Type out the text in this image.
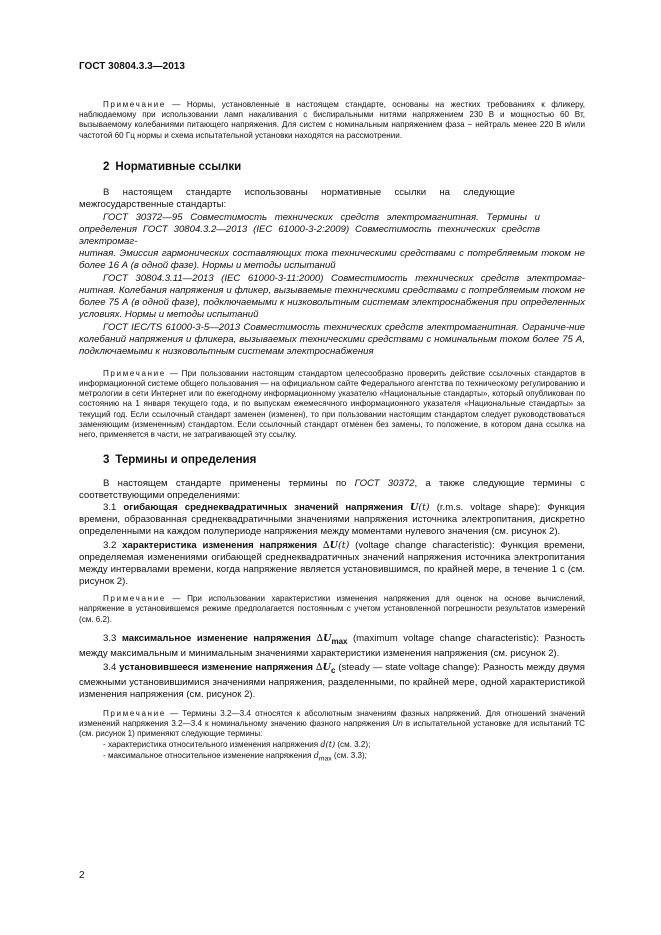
ГОСТ 30804.3.3—2013

Примечание — Нормы, установленные в настоящем стандарте, основаны на жестких требованиях к фликеру, наблюдаемому при использовании ламп накаливания с биспиральными нитями напряжением 230 В и мощностью 60 Вт, вызываемому колебаниями питающего напряжения. Для систем с номинальным напряжением фаза − нейтраль менее 220 В и/или частотой 60 Гц нормы и схема испытательной установки находятся на рассмотрении.

2 Нормативные ссылки

В настоящем стандарте использованы нормативные ссылки на следующие межгосударственные стандарты:

ГОСТ 30372—95 Совместимость технических средств электромагнитная. Термины и определения ГОСТ 30804.3.2—2013 (IEC 61000-3-2:2009) Совместимость технических средств электромаг-

нитная. Эмиссия гармонических составляющих тока техническими средствами с потребляемым током не более 16 А (в одной фазе). Нормы и методы испытаний

ГОСТ 30804.3.11—2013 (IEC 61000-3-11:2000) Совместимость технических средств электромаг-нитная. Колебания напряжения и фликер, вызываемые техническими средствами с потребляемым током не более 75 А (в одной фазе), подключаемыми к низковольтным системам электроснабжения при определенных условиях. Нормы и методы испытаний

ГОСТ IEC/TS 61000-3-5—2013 Совместимость технических средств электромагнитная. Ограниче-ние колебаний напряжения и фликера, вызываемых техническими средствами с номинальным током более 75 А, подключаемыми к низковольтным системам электроснабжения

Примечание — При пользовании настоящим стандартом целесообразно проверить действие ссылочных стандартов в информационной системе общего пользования — на официальном сайте Федерального агентства по техническому регулированию и метрологии в сети Интернет или по ежегодному информационному указателю «Национальные стандарты», который опубликован по состоянию на 1 января текущего года, и по выпускам ежемесячного информационного указателя «Национальные стандарты» за текущий год. Если ссылочный стандарт заменен (изменен), то при пользовании настоящим стандартом следует руководствоваться заменяющим (измененным) стандартом. Если ссылочный стандарт отменен без замены, то положение, в котором дана ссылка на него, применяется в части, не затрагивающей эту ссылку.

3 Термины и определения

В настоящем стандарте применены термины по ГОСТ 30372, а также следующие термины с соответствующими определениями:

3.1 огибающая среднеквадратичных значений напряжения U(t) (r.m.s. voltage shape): Функция времени, образованная среднеквадратичными значениями напряжения источника электропитания, дискретно определенными на каждом полупериоде напряжения между моментами нулевого значения (см. рисунок 2).

3.2 характеристика изменения напряжения ∆U(t) (voltage change characteristic): Функция времени, определяемая изменениями огибающей среднеквадратичных значений напряжения источника электропитания между интервалами времени, когда напряжение является установившимся, по крайней мере, в течение 1 с (см. рисунок 2).

Примечание — При использовании характеристики изменения напряжения для оценок на основе вычислений, напряжение в установившемся режиме предполагается постоянным с учетом установленной погрешности результатов измерений (см. 6.2).

3.3 максимальное изменение напряжения $\Delta U_{max}$ (maximum voltage change characteristic): Разность между максимальным и минимальным значениями характеристики изменения напряжения (см. рисунок 2).

3.4 установившееся изменение напряжения $\Delta U_c$ (steady — state voltage change): Разность между двумя смежными установившимися значениями напряжения, разделенными, по крайней мере, одной характеристикой изменения напряжения (см. рисунок 2).

Примечание — Термины 3.2—3.4 относятся к абсолютным значениям фазных напряжений. Для отношений значений изменений напряжения 3.2—3.4 к номинальному значению фазного напряжения Un в испытательной установке для испытаний ТС (см. рисунок 1) применяют следующие термины:

- характеристика относительного изменения напряжения d(t) (см. 3.2);

- максимальное относительное изменение напряжения $d_{max}$ (см. 3.3);

2
